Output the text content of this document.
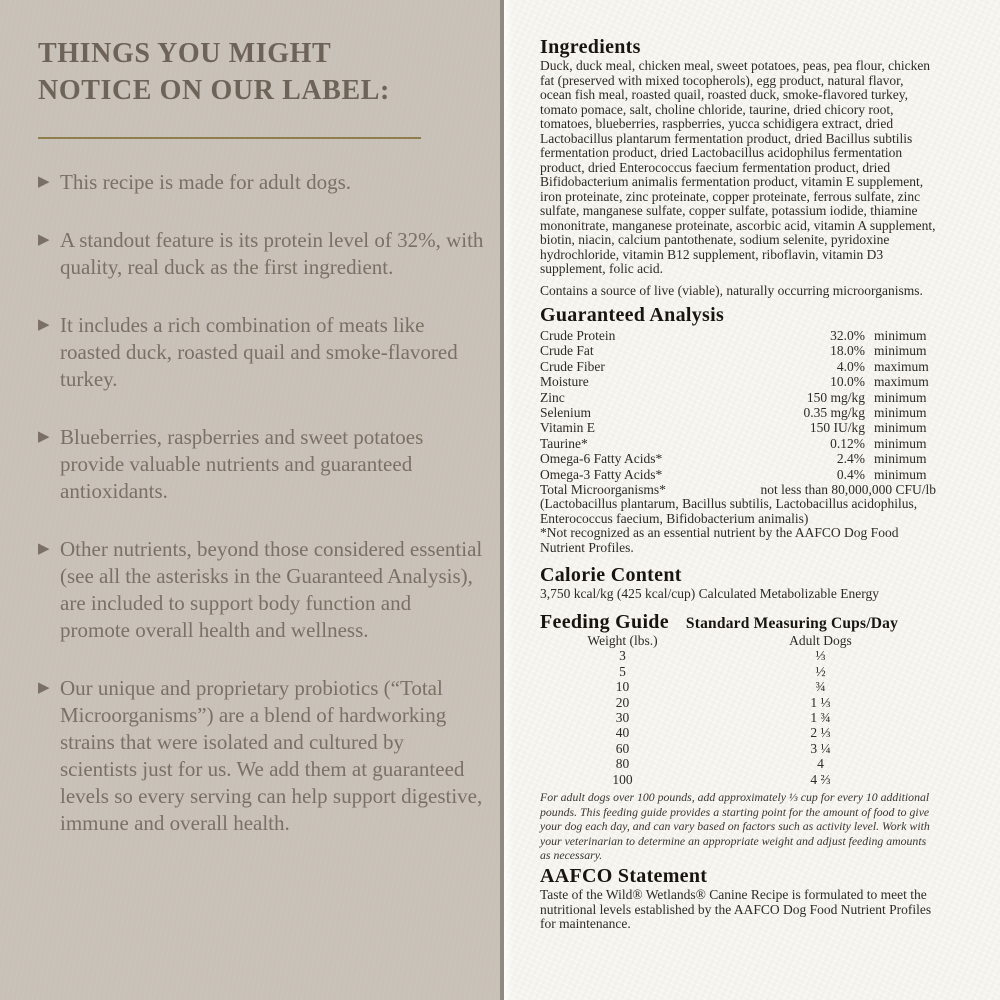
THINGS YOU MIGHT NOTICE ON OUR LABEL:
▶ This recipe is made for adult dogs.
▶ A standout feature is its protein level of 32%, with quality, real duck as the first ingredient.
▶ It includes a rich combination of meats like roasted duck, roasted quail and smoke-flavored turkey.
▶ Blueberries, raspberries and sweet potatoes provide valuable nutrients and guaranteed antioxidants.
▶ Other nutrients, beyond those considered essential (see all the asterisks in the Guaranteed Analysis), are included to support body function and promote overall health and wellness.
▶ Our unique and proprietary probiotics (“Total Microorganisms”) are a blend of hardworking strains that were isolated and cultured by scientists just for us. We add them at guaranteed levels so every serving can help support digestive, immune and overall health.
Ingredients

Duck, duck meal, chicken meal, sweet potatoes, peas, pea flour, chicken fat (preserved with mixed tocopherols), egg product, natural flavor, ocean fish meal, roasted quail, roasted duck, smoke-flavored turkey, tomato pomace, salt, choline chloride, taurine, dried chicory root, tomatoes, blueberries, raspberries, yucca schidigera extract, dried Lactobacillus plantarum fermentation product, dried Bacillus subtilis fermentation product, dried Lactobacillus acidophilus fermentation product, dried Enterococcus faecium fermentation product, dried Bifidobacterium animalis fermentation product, vitamin E supplement, iron proteinate, zinc proteinate, copper proteinate, ferrous sulfate, zinc sulfate, manganese sulfate, copper sulfate, potassium iodide, thiamine mononitrate, manganese proteinate, ascorbic acid, vitamin A supplement, biotin, niacin, calcium pantothenate, sodium selenite, pyridoxine hydrochloride, vitamin B12 supplement, riboflavin, vitamin D3 supplement, folic acid.

Contains a source of live (viable), naturally occurring microorganisms.

Guaranteed Analysis
Crude Protein	32.0% minimum
Crude Fat	18.0% minimum
Crude Fiber	4.0% maximum
Moisture	10.0% maximum
Zinc	150 mg/kg minimum
Selenium	0.35 mg/kg minimum
Vitamin E	150 IU/kg minimum
Taurine*	0.12% minimum
Omega-6 Fatty Acids*	2.4% minimum
Omega-3 Fatty Acids*	0.4% minimum
Total Microorganisms*	not less than 80,000,000 CFU/lb

(Lactobacillus plantarum, Bacillus subtilis, Lactobacillus acidophilus, Enterococcus faecium, Bifidobacterium animalis)

*Not recognized as an essential nutrient by the AAFCO Dog Food Nutrient Profiles.

Calorie Content

3,750 kcal/kg (425 kcal/cup) Calculated Metabolizable Energy

Feeding Guide Standard Measuring Cups/Day
Weight (lbs.)	Adult Dogs
3	⅓
5	½
10	¾
20	1 ⅓
30	1 ¾
40	2 ⅓
60	3 ¼
80	4
100	4 ⅔

For adult dogs over 100 pounds, add approximately ⅓ cup for every 10 additional pounds. This feeding guide provides a starting point for the amount of food to give your dog each day, and can vary based on factors such as activity level. Work with your veterinarian to determine an appropriate weight and adjust feeding amounts as necessary.

AAFCO Statement

Taste of the Wild® Wetlands® Canine Recipe is formulated to meet the nutritional levels established by the AAFCO Dog Food Nutrient Profiles for maintenance.
